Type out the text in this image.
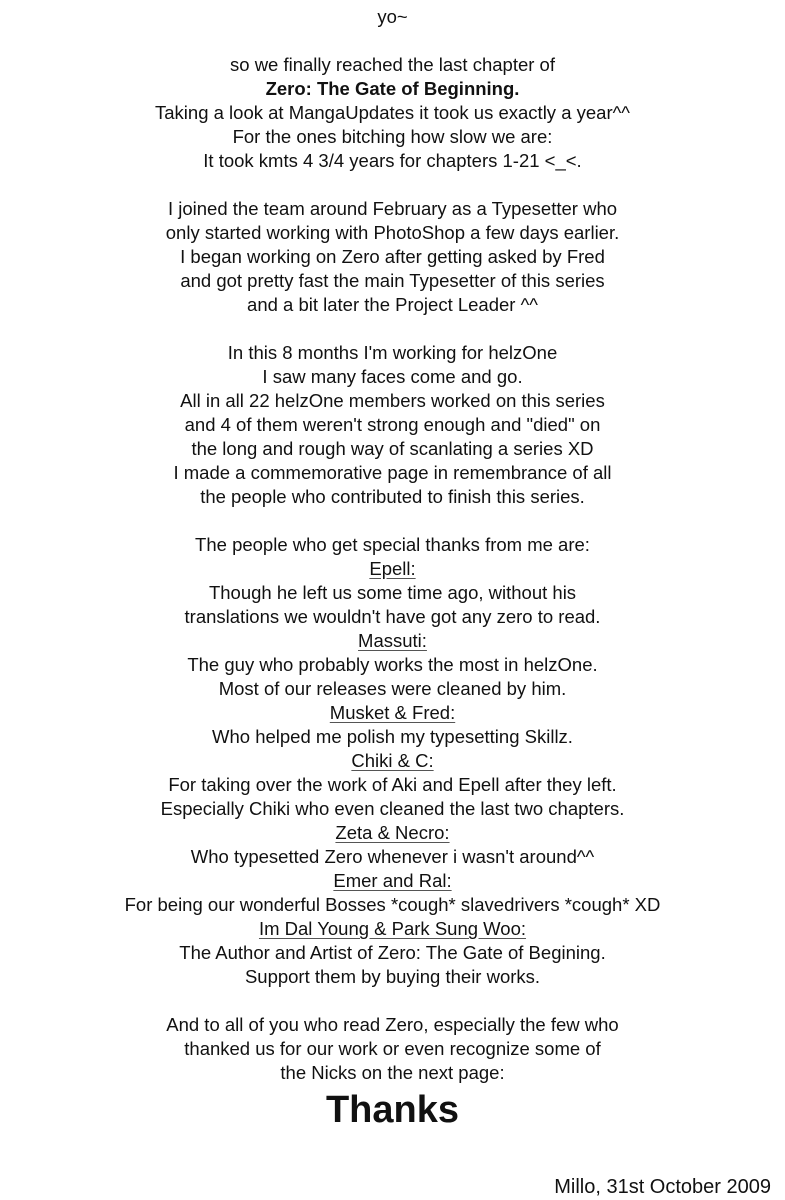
yo~
so we finally reached the last chapter of
Zero: The Gate of Beginning.
Taking a look at MangaUpdates it took us exactly a year^^
For the ones bitching how slow we are:
It took kmts 4 3/4 years for chapters 1-21 <_<.
I joined the team around February as a Typesetter who
only started working with PhotoShop a few days earlier.
I began working on Zero after getting asked by Fred
and got pretty fast the main Typesetter of this series
and a bit later the Project Leader ^^
In this 8 months I'm working for helzOne
I saw many faces come and go.
All in all 22 helzOne members worked on this series
and 4 of them weren't strong enough and "died" on
the long and rough way of scanlating a series XD
I made a commemorative page in remembrance of all
the people who contributed to finish this series.
The people who get special thanks from me are:
Epell:
Though he left us some time ago, without his
translations we wouldn't have got any zero to read.
Massuti:
The guy who probably works the most in helzOne.
Most of our releases were cleaned by him.
Musket & Fred:
Who helped me polish my typesetting Skillz.
Chiki & C:
For taking over the work of Aki and Epell after they left.
Especially Chiki who even cleaned the last two chapters.
Zeta & Necro:
Who typesetted Zero whenever i wasn't around^^
Emer and Ral:
For being our wonderful Bosses *cough* slavedrivers *cough* XD
Im Dal Young & Park Sung Woo:
The Author and Artist of Zero: The Gate of Begining.
Support them by buying their works.
And to all of you who read Zero, especially the few who
thanked us for our work or even recognize some of
the Nicks on the next page:
Thanks
Millo, 31st October 2009
